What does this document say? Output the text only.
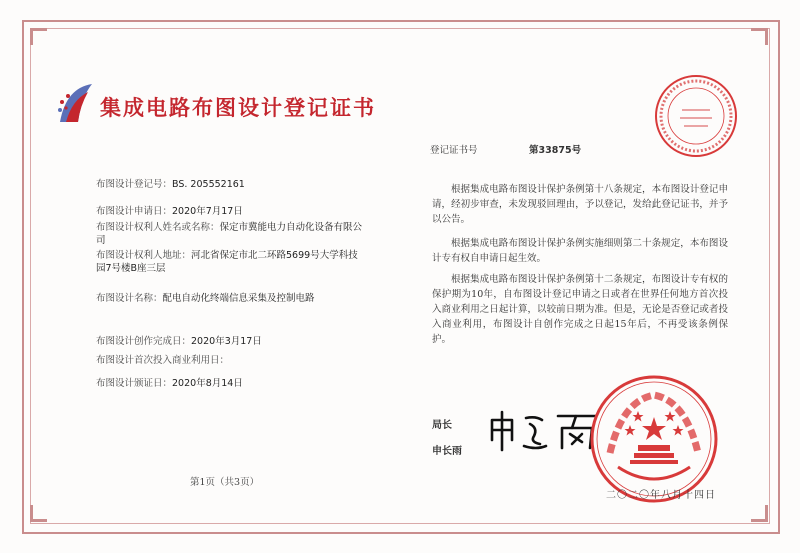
集成电路布图设计登记证书
登记证书号	第33875号
布图设计登记号：BS. 205552161
布图设计申请日：2020年7月17日
布图设计权利人姓名或名称：保定市冀能电力自动化设备有限公司
布图设计权利人地址：河北省保定市北二环路5699号大学科技园7号楼B座三层
布图设计名称：配电自动化终端信息采集及控制电路
布图设计创作完成日：2020年3月17日
布图设计首次投入商业利用日：
布图设计颁证日：2020年8月14日
根据集成电路布图设计保护条例第十八条规定，本布图设计登记申请，经初步审查，未发现驳回理由，予以登记，发给此登记证书，并予以公告。
根据集成电路布图设计保护条例实施细则第二十条规定，本布图设计专有权自申请日起生效。
根据集成电路布图设计保护条例第十二条规定，布图设计专有权的保护期为10年，自布图设计登记申请之日或者在世界任何地方首次投入商业利用之日起计算，以较前日期为准。但是，无论是否登记或者投入商业利用，布图设计自创作完成之日起15年后，不再受该条例保护。
局长
申长雨
二〇二〇年八月十四日
第1页（共3页）
